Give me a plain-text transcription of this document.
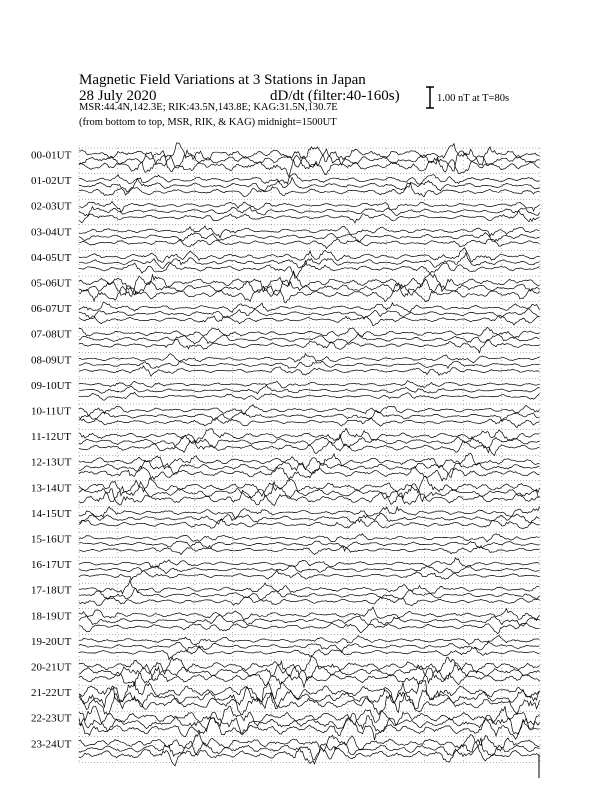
Magnetic Field Variations at 3 Stations in Japan
28 July 2020	dD/dt (filter:40-160s)
MSR:44.4N,142.3E; RIK:43.5N,143.8E; KAG:31.5N,130.7E
(from bottom to top, MSR, RIK, & KAG) midnight=1500UT
1.00 nT at T=80s
00-01UT
01-02UT
02-03UT
03-04UT
04-05UT
05-06UT
06-07UT
07-08UT
08-09UT
09-10UT
10-11UT
11-12UT
12-13UT
13-14UT
14-15UT
15-16UT
16-17UT
17-18UT
18-19UT
19-20UT
20-21UT
21-22UT
22-23UT
23-24UT
